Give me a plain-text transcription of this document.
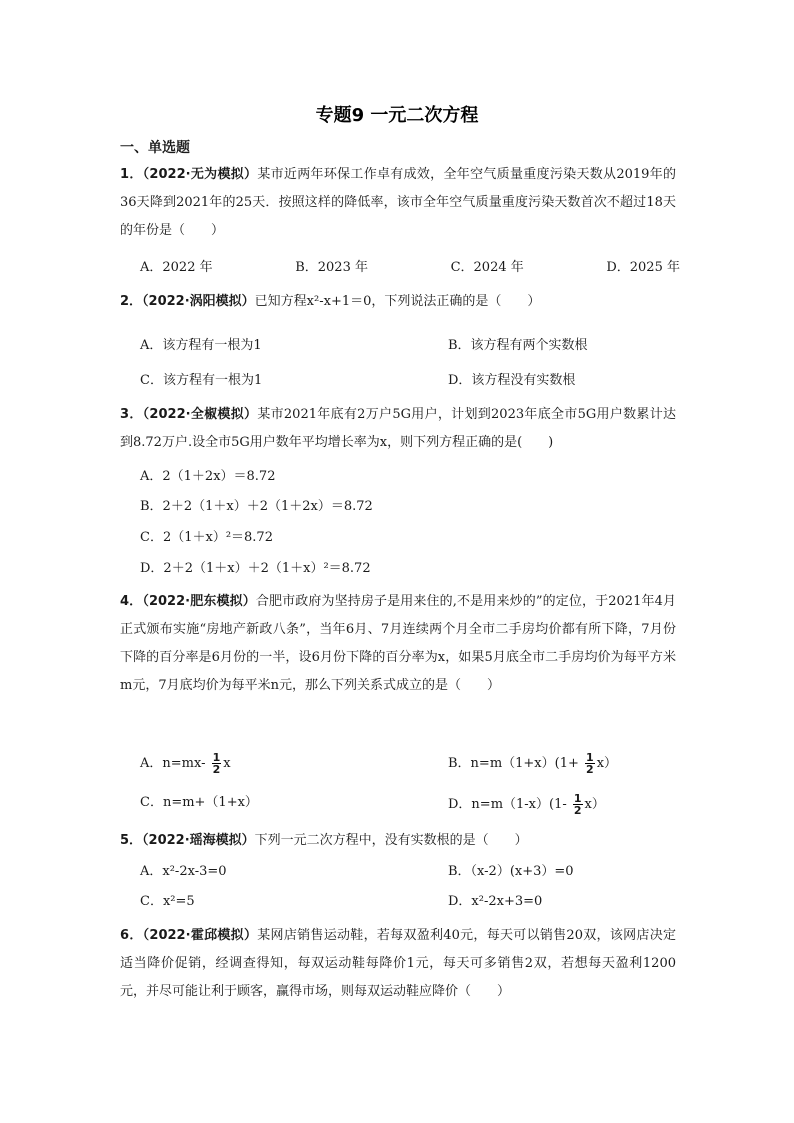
专题9 一元二次方程
一、单选题
1．（2022·无为模拟）某市近两年环保工作卓有成效，全年空气质量重度污染天数从2019年的36天降到2021年的25天．按照这样的降低率，该市全年空气质量重度污染天数首次不超过18天的年份是（　　）
A．2022 年	B．2023 年	C．2024 年	D．2025 年
2．（2022·涡阳模拟）已知方程x²-x+1＝0，下列说法正确的是（　　）
A．该方程有一根为1	B．该方程有两个实数根
C．该方程有一根为1	D．该方程没有实数根
3．（2022·全椒模拟）某市2021年底有2万户5G用户，计划到2023年底全市5G用户数累计达到8.72万户.设全市5G用户数年平均增长率为x，则下列方程正确的是(　　)
A．2（1＋2x）＝8.72
B．2＋2（1＋x）＋2（1＋2x）＝8.72
C．2（1＋x）²＝8.72
D．2＋2（1＋x）＋2（1＋x）²＝8.72
4．（2022·肥东模拟）合肥市政府为坚持房子是用来住的,不是用来炒的”的定位，于2021年4月正式颁布实施“房地产新政八条”，当年6月、7月连续两个月全市二手房均价都有所下降，7月份下降的百分率是6月份的一半，设6月份下降的百分率为x，如果5月底全市二手房均价为每平方米m元，7月底均价为每平米n元，那么下列关系式成立的是（　　）
A．$n=mx- \frac{1}{2}$ x	B．$n=m(1+x)(1+ \frac{1}{2} x)$
C．n=m+（1+x）	D．$n=m(1-x)(1- \frac{1}{2} x)$
5．（2022·瑶海模拟）下列一元二次方程中，没有实数根的是（　　）
A．x²-2x-3=0	B．（x-2）(x+3）=0
C．x²=5	D．x²-2x+3=0
6．（2022·霍邱模拟）某网店销售运动鞋，若每双盈利40元，每天可以销售20双，该网店决定适当降价促销，经调查得知，每双运动鞋每降价1元，每天可多销售2双，若想每天盈利1200元，并尽可能让利于顾客，赢得市场，则每双运动鞋应降价（　　）
